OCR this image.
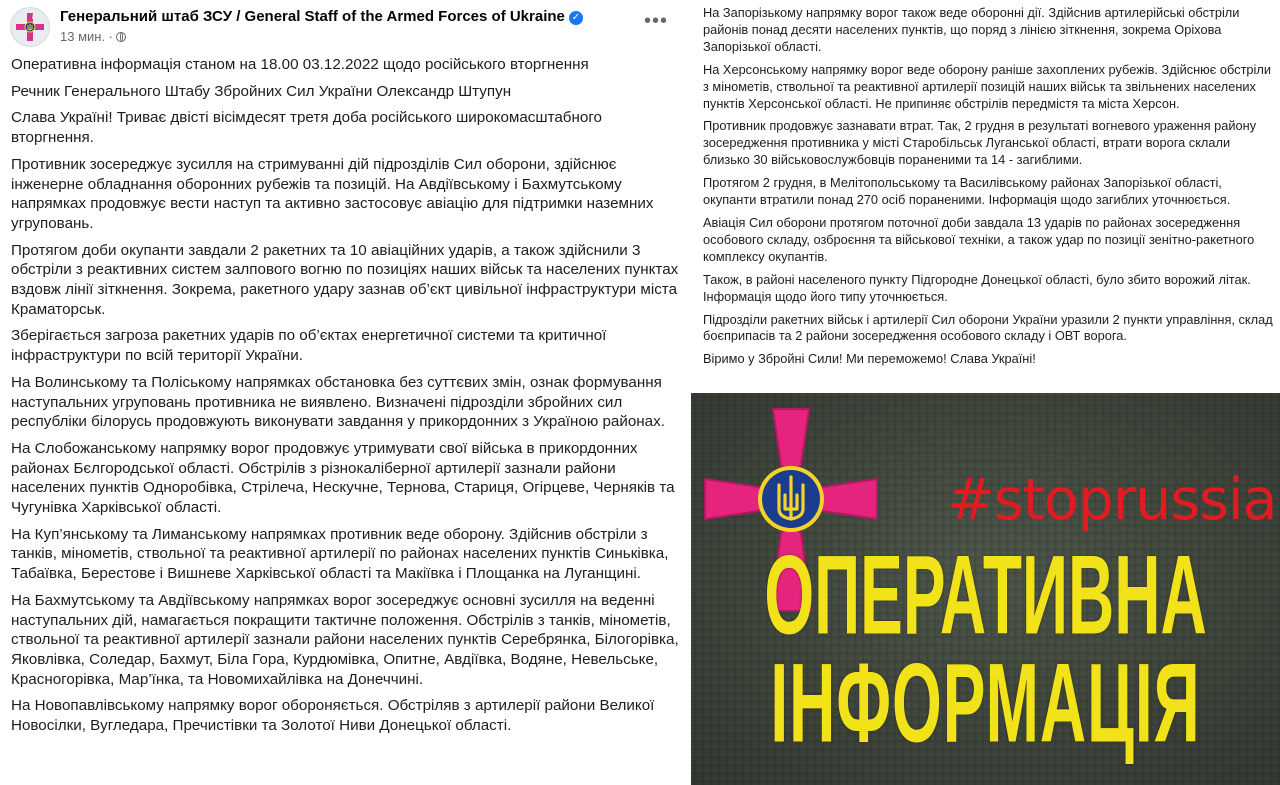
Генеральний штаб ЗСУ / General Staff of the Armed Forces of Ukraine ✓
13 мин. ·
•••

Оперативна інформація станом на 18.00 03.12.2022 щодо російського вторгнення

Речник Генерального Штабу Збройних Сил України Олександр Штупун

Слава Україні! Триває двісті вісімдесят третя доба російського широкомасштабного вторгнення.

Противник зосереджує зусилля на стримуванні дій підрозділів Сил оборони, здійснює інженерне обладнання оборонних рубежів та позицій. На Авдіївському і Бахмутському напрямках продовжує вести наступ та активно застосовує авіацію для підтримки наземних угруповань.

Протягом доби окупанти завдали 2 ракетних та 10 авіаційних ударів, а також здійснили 3 обстріли з реактивних систем залпового вогню по позиціях наших військ та населених пунктах вздовж лінії зіткнення. Зокрема, ракетного удару зазнав об’єкт цивільної інфраструктури міста Краматорськ.

Зберігається загроза ракетних ударів по об’єктах енергетичної системи та критичної інфраструктури по всій території України.

На Волинському та Поліському напрямках обстановка без суттєвих змін, ознак формування наступальних угруповань противника не виявлено. Визначені підрозділи збройних сил республіки білорусь продовжують виконувати завдання у прикордонних з Україною районах.

На Слобожанському напрямку ворог продовжує утримувати свої війська в прикордонних районах Бєлгородської області. Обстрілів з різнокаліберної артилерії зазнали райони населених пунктів Одноробівка, Стрілеча, Нескучне, Тернова, Стариця, Огірцеве, Черняків та Чугунівка Харківської області.

На Куп’янському та Лиманському напрямках противник веде оборону. Здійснив обстріли з танків, мінометів, ствольної та реактивної артилерії по районах населених пунктів Синьківка, Табаївка, Берестове і Вишневе Харківської області та Макіївка і Площанка на Луганщині.

На Бахмутському та Авдіївському напрямках ворог зосереджує основні зусилля на веденні наступальних дій, намагається покращити тактичне положення. Обстрілів з танків, мінометів, ствольної та реактивної артилерії зазнали райони населених пунктів Серебрянка, Білогорівка, Яковлівка, Соледар, Бахмут, Біла Гора, Курдюмівка, Опитне, Авдіївка, Водяне, Невельське, Красногорівка, Мар’їнка, та Новомихайлівка на Донеччині.

На Новопавлівському напрямку ворог обороняється. Обстріляв з артилерії райони Великої Новосілки, Вугледара, Пречистівки та Золотої Ниви Донецької області.

На Запорізькому напрямку ворог також веде оборонні дії. Здійснив артилерійські обстріли районів понад десяти населених пунктів, що поряд з лінією зіткнення, зокрема Оріхова Запорізької області.

На Херсонському напрямку ворог веде оборону раніше захоплених рубежів. Здійснює обстріли з мінометів, ствольної та реактивної артилерії позицій наших військ та звільнених населених пунктів Херсонської області. Не припиняє обстрілів передмістя та міста Херсон.

Противник продовжує зазнавати втрат. Так, 2 грудня в результаті вогневого ураження району зосередження противника у місті Старобільськ Луганської області, втрати ворога склали близько 30 військовослужбовців пораненими та 14 - загиблими.

Протягом 2 грудня, в Мелітопольському та Василівському районах Запорізької області, окупанти втратили понад 270 осіб пораненими. Інформація щодо загиблих уточнюється.

Авіація Сил оборони протягом поточної доби завдала 13 ударів по районах зосередження особового складу, озброєння та військової техніки, а також удар по позиції зенітно-ракетного комплексу окупантів.

Також, в районі населеного пункту Підгородне Донецької області, було збито ворожий літак. Інформація щодо його типу уточнюється.

Підрозділи ракетних військ і артилерії Сил оборони України уразили 2 пункти управління, склад боєприпасів та 2 райони зосередження особового складу і ОВТ ворога.

Віримо у Збройні Сили! Ми переможемо! Слава Україні!

#stoprussia
ОПЕРАТИВНА
ІНФОРМАЦІЯ
